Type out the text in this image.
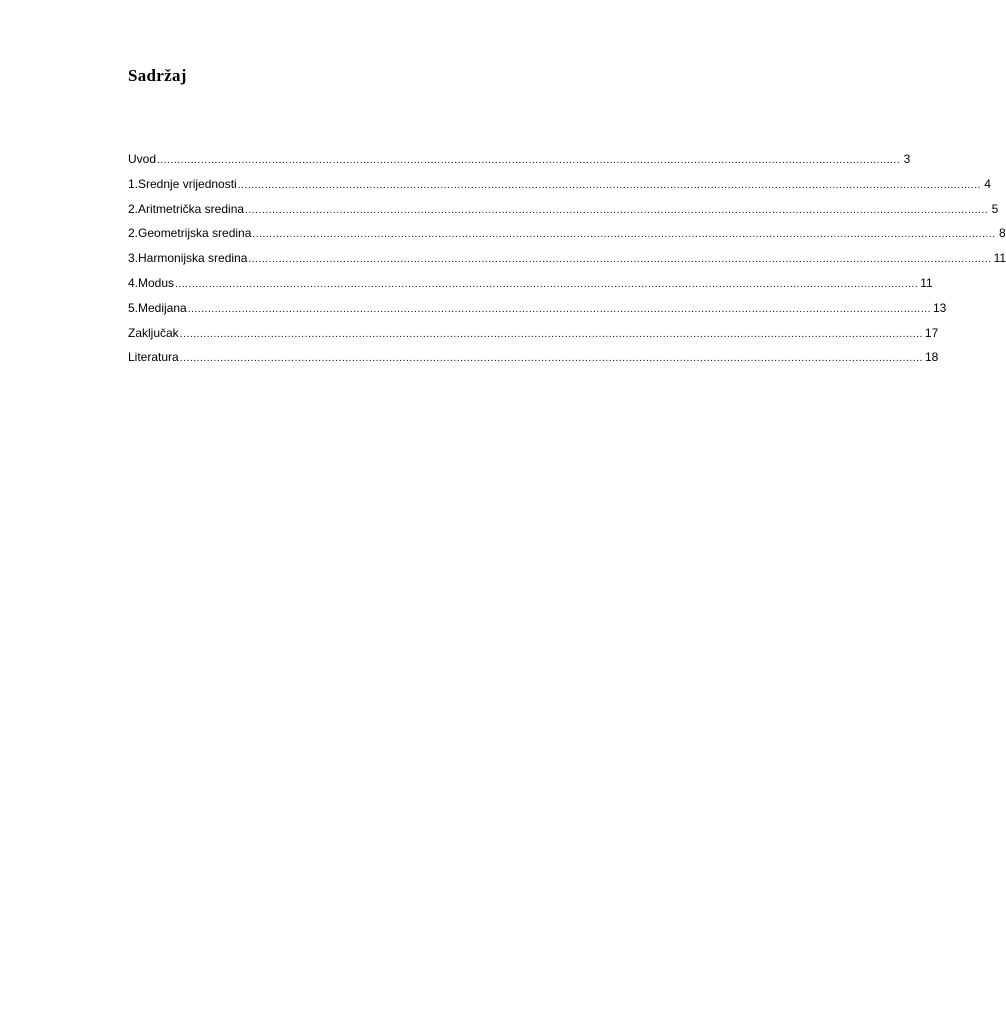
Sadržaj
Uvod ............................................................................................................................................................................................................................ 3
1.Srednje vrijednosti ............................................................................................................................................................................................................................ 4
2.Aritmetrička sredina ............................................................................................................................................................................................................................ 5
2.Geometrijska sredina ............................................................................................................................................................................................................................ 8
3.Harmonijska sredina ............................................................................................................................................................................................................................ 11
4.Modus ............................................................................................................................................................................................................................ 11
5.Medijana ............................................................................................................................................................................................................................ 13
Zaključak ............................................................................................................................................................................................................................ 17
Literatura ............................................................................................................................................................................................................................ 18
